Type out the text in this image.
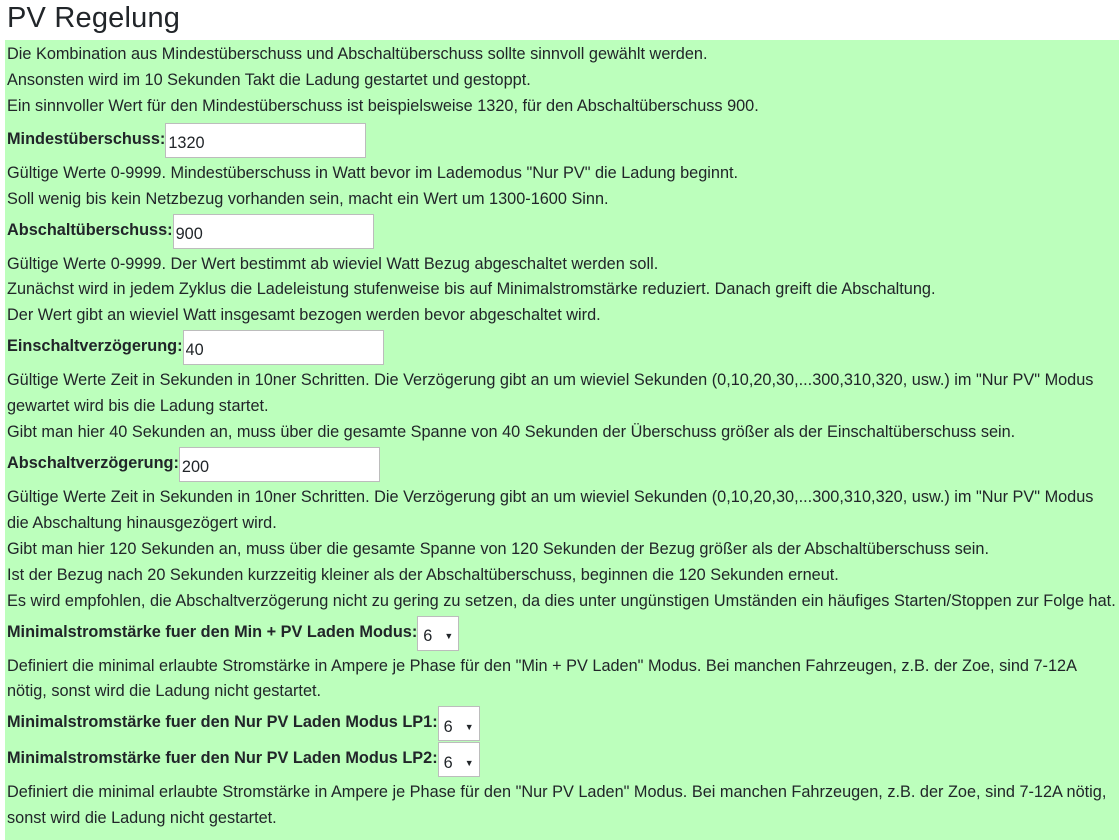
PV Regelung

Die Kombination aus Mindestüberschuss und Abschaltüberschuss sollte sinnvoll gewählt werden.

Ansonsten wird im 10 Sekunden Takt die Ladung gestartet und gestoppt.

Ein sinnvoller Wert für den Mindestüberschuss ist beispielsweise 1320, für den Abschaltüberschuss 900.

Mindestüberschuss:
1320

Gültige Werte 0-9999. Mindestüberschuss in Watt bevor im Lademodus "Nur PV" die Ladung beginnt.

Soll wenig bis kein Netzbezug vorhanden sein, macht ein Wert um 1300-1600 Sinn.

Abschaltüberschuss:
900

Gültige Werte 0-9999. Der Wert bestimmt ab wieviel Watt Bezug abgeschaltet werden soll.

Zunächst wird in jedem Zyklus die Ladeleistung stufenweise bis auf Minimalstromstärke reduziert. Danach greift die Abschaltung.

Der Wert gibt an wieviel Watt insgesamt bezogen werden bevor abgeschaltet wird.

Einschaltverzögerung:
40

Gültige Werte Zeit in Sekunden in 10ner Schritten. Die Verzögerung gibt an um wieviel Sekunden (0,10,20,30,...300,310,320, usw.) im "Nur PV" Modus gewartet wird bis die Ladung startet.

Gibt man hier 40 Sekunden an, muss über die gesamte Spanne von 40 Sekunden der Überschuss größer als der Einschaltüberschuss sein.

Abschaltverzögerung:
200

Gültige Werte Zeit in Sekunden in 10ner Schritten. Die Verzögerung gibt an um wieviel Sekunden (0,10,20,30,...300,310,320, usw.) im "Nur PV" Modus die Abschaltung hinausgezögert wird.

Gibt man hier 120 Sekunden an, muss über die gesamte Spanne von 120 Sekunden der Bezug größer als der Abschaltüberschuss sein.

Ist der Bezug nach 20 Sekunden kurzzeitig kleiner als der Abschaltüberschuss, beginnen die 120 Sekunden erneut.

Es wird empfohlen, die Abschaltverzögerung nicht zu gering zu setzen, da dies unter ungünstigen Umständen ein häufiges Starten/Stoppen zur Folge hat.

Minimalstromstärke fuer den Min + PV Laden Modus: 6 ▼

Definiert die minimal erlaubte Stromstärke in Ampere je Phase für den "Min + PV Laden" Modus. Bei manchen Fahrzeugen, z.B. der Zoe, sind 7-12A nötig, sonst wird die Ladung nicht gestartet.

Minimalstromstärke fuer den Nur PV Laden Modus LP1: 6 ▼
Minimalstromstärke fuer den Nur PV Laden Modus LP2: 6 ▼

Definiert die minimal erlaubte Stromstärke in Ampere je Phase für den "Nur PV Laden" Modus. Bei manchen Fahrzeugen, z.B. der Zoe, sind 7-12A nötig, sonst wird die Ladung nicht gestartet.
